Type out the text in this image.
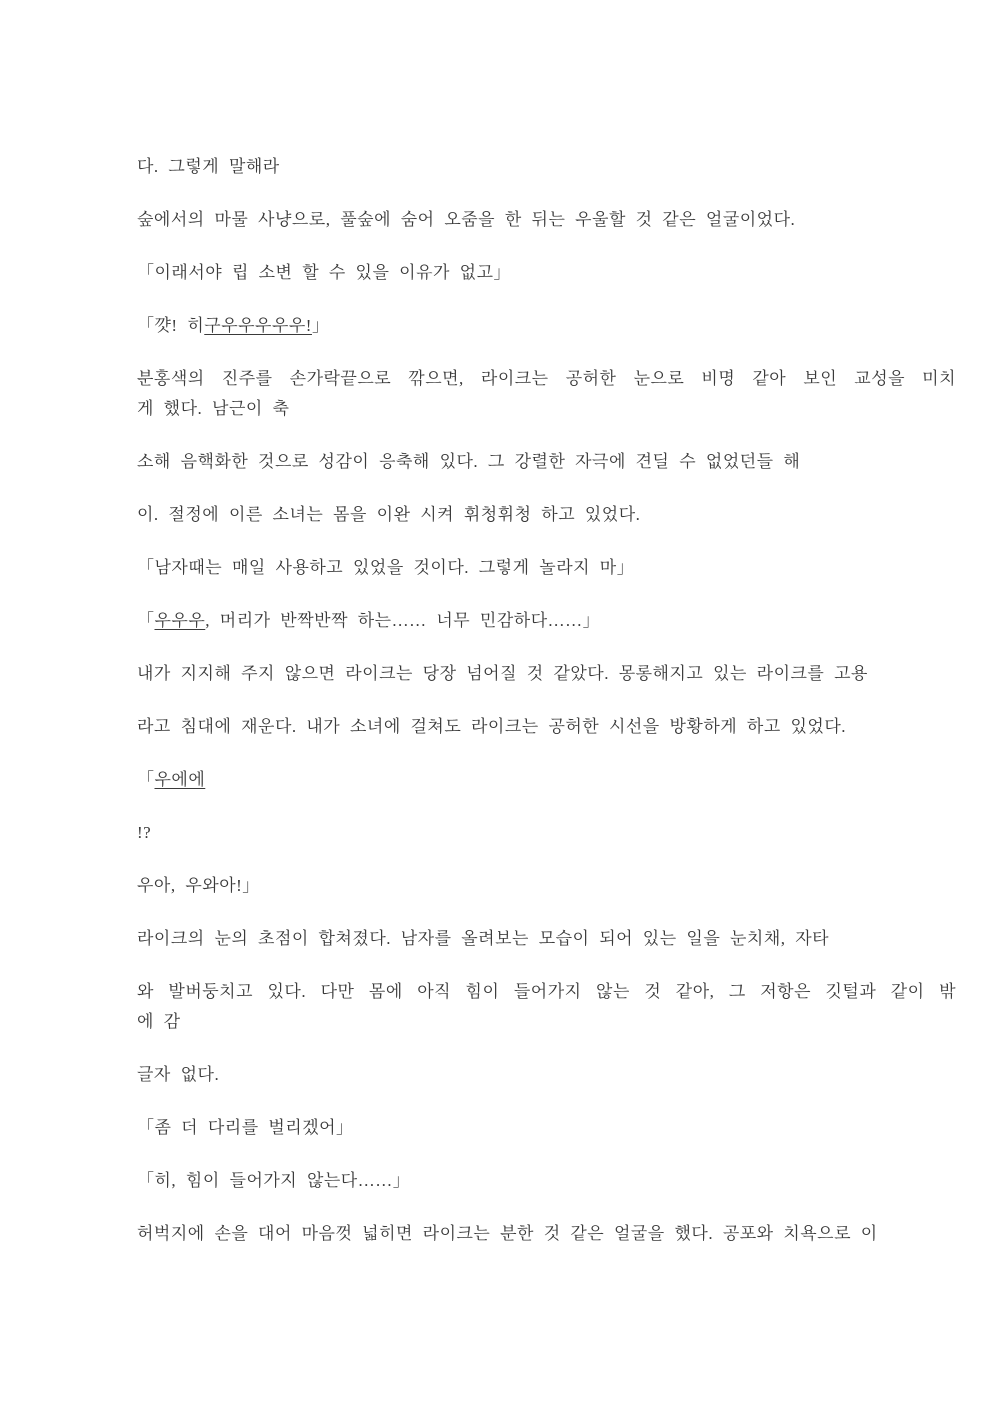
다. 그렇게 말해라

숲에서의 마물 사냥으로, 풀숲에 숨어 오줌을 한 뒤는 우울할 것 같은 얼굴이었다.

「이래서야 립 소변 할 수 있을 이유가 없고」

「꺗! 히구우우우우우!」

분홍색의 진주를 손가락끝으로 깎으면, 라이크는 공허한 눈으로 비명 같아 보인 교성을 미치
게 했다. 남근이 축

소해 음핵화한 것으로 성감이 응축해 있다. 그 강렬한 자극에 견딜 수 없었던들 해

이. 절정에 이른 소녀는 몸을 이완 시켜 휘청휘청 하고 있었다.

「남자때는 매일 사용하고 있었을 것이다. 그렇게 놀라지 마」

「우우우, 머리가 반짝반짝 하는…… 너무 민감하다……」

내가 지지해 주지 않으면 라이크는 당장 넘어질 것 같았다. 몽롱해지고 있는 라이크를 고용

라고 침대에 재운다. 내가 소녀에 걸쳐도 라이크는 공허한 시선을 방황하게 하고 있었다.

「우에에

!?

우아, 우와아!」

라이크의 눈의 초점이 합쳐졌다. 남자를 올려보는 모습이 되어 있는 일을 눈치채, 자타

와 발버둥치고 있다. 다만 몸에 아직 힘이 들어가지 않는 것 같아, 그 저항은 깃털과 같이 밖
에 감

글자 없다.

「좀 더 다리를 벌리겠어」

「히, 힘이 들어가지 않는다……」

허벅지에 손을 대어 마음껏 넓히면 라이크는 분한 것 같은 얼굴을 했다. 공포와 치욕으로 이
